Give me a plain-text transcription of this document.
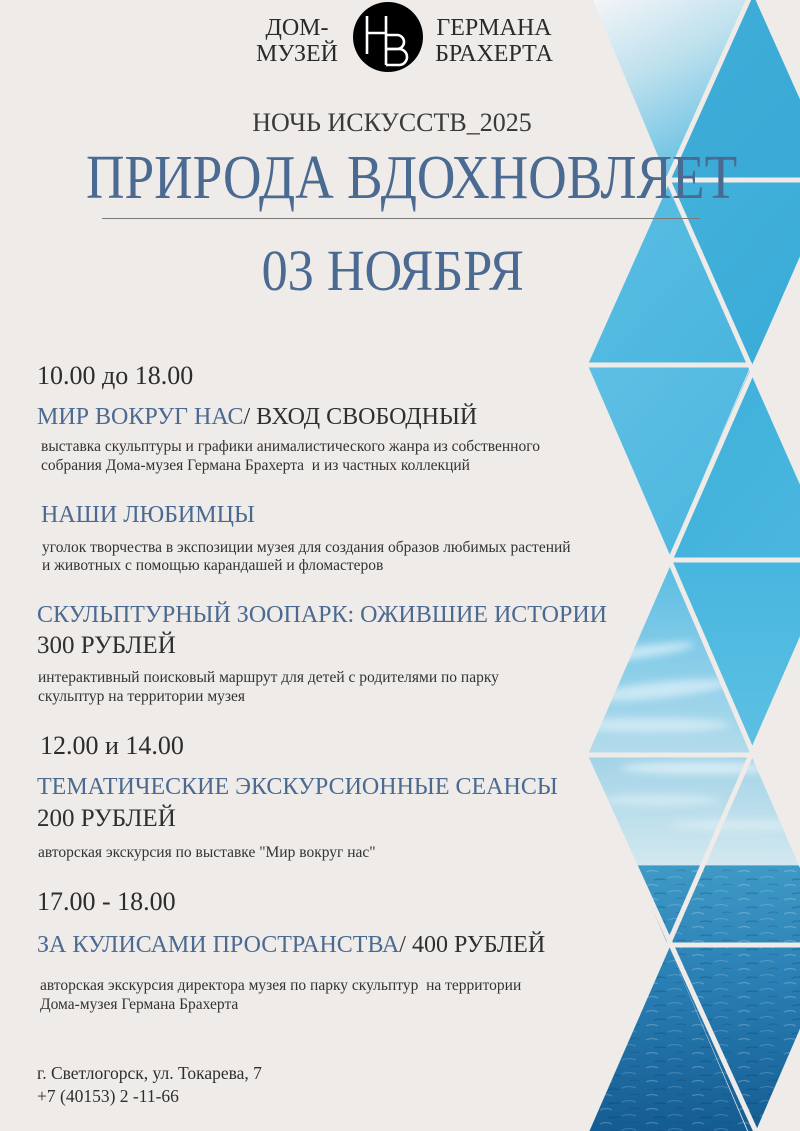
ДОМ-
МУЗЕЙ
ГЕРМАНА
БРАХЕРТА
НОЧЬ ИСКУССТВ_2025
ПРИРОДА ВДОХНОВЛЯЕТ
03 НОЯБРЯ
10.00 до 18.00
МИР ВОКРУГ НАС/ ВХОД СВОБОДНЫЙ
выставка скульптуры и графики анималистического жанра из собственного
собрания Дома-музея Германа Брахерта  и из частных коллекций
НАШИ ЛЮБИМЦЫ
уголок творчества в экспозиции музея для создания образов любимых растений
и животных с помощью карандашей и фломастеров
СКУЛЬПТУРНЫЙ ЗООПАРК: ОЖИВШИЕ ИСТОРИИ
300 РУБЛЕЙ
интерактивный поисковый маршрут для детей с родителями по парку
скульптур на территории музея
12.00 и 14.00
ТЕМАТИЧЕСКИЕ ЭКСКУРСИОННЫЕ СЕАНСЫ
200 РУБЛЕЙ
авторская экскурсия по выставке "Мир вокруг нас"
17.00 - 18.00
ЗА КУЛИСАМИ ПРОСТРАНСТВА/ 400 РУБЛЕЙ
авторская экскурсия директора музея по парку скульптур  на территории
Дома-музея Германа Брахерта
г. Светлогорск, ул. Токарева, 7
+7 (40153) 2 -11-66
